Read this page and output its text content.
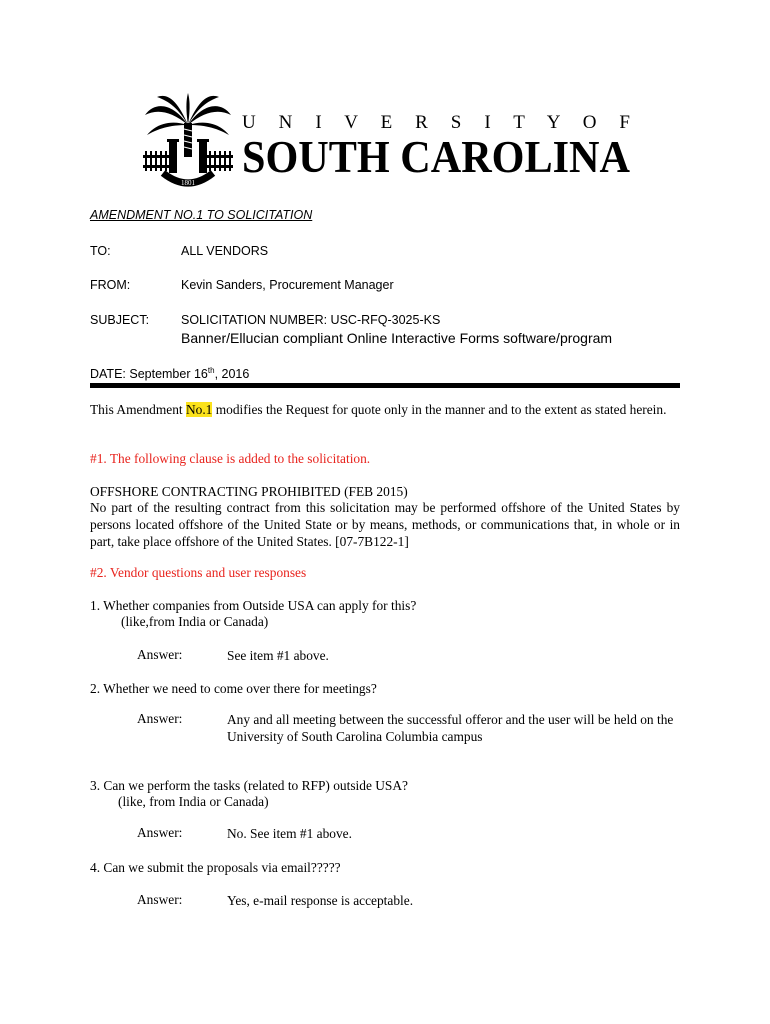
1801
U N I V E R S I T Y O F
SOUTH CAROLINA
AMENDMENT NO.1 TO SOLICITATION
TO:	ALL VENDORS
FROM:	Kevin Sanders, Procurement Manager
SUBJECT:	SOLICITATION NUMBER: USC-RFQ-3025-KS
Banner/Ellucian compliant Online Interactive Forms software/program
DATE: September 16th, 2016
This Amendment No.1 modifies the Request for quote only in the manner and to the extent as stated herein.
#1. The following clause is added to the solicitation.
OFFSHORE CONTRACTING PROHIBITED (FEB 2015)
No part of the resulting contract from this solicitation may be performed offshore of the United States by persons located offshore of the United State or by means, methods, or communications that, in whole or in part, take place offshore of the United States. [07-7B122-1]
#2. Vendor questions and user responses
1. Whether companies from Outside USA can apply for this?
(like,from India or Canada)
Answer:	See item #1 above.
2. Whether we need to come over there for meetings?
Answer:	Any and all meeting between the successful offeror and the user will be held on the University of South Carolina Columbia campus
3. Can we perform the tasks (related to RFP) outside USA?
(like, from India or Canada)
Answer:	No. See item #1 above.
4. Can we submit the proposals via email?????
Answer:	Yes, e-mail response is acceptable.
